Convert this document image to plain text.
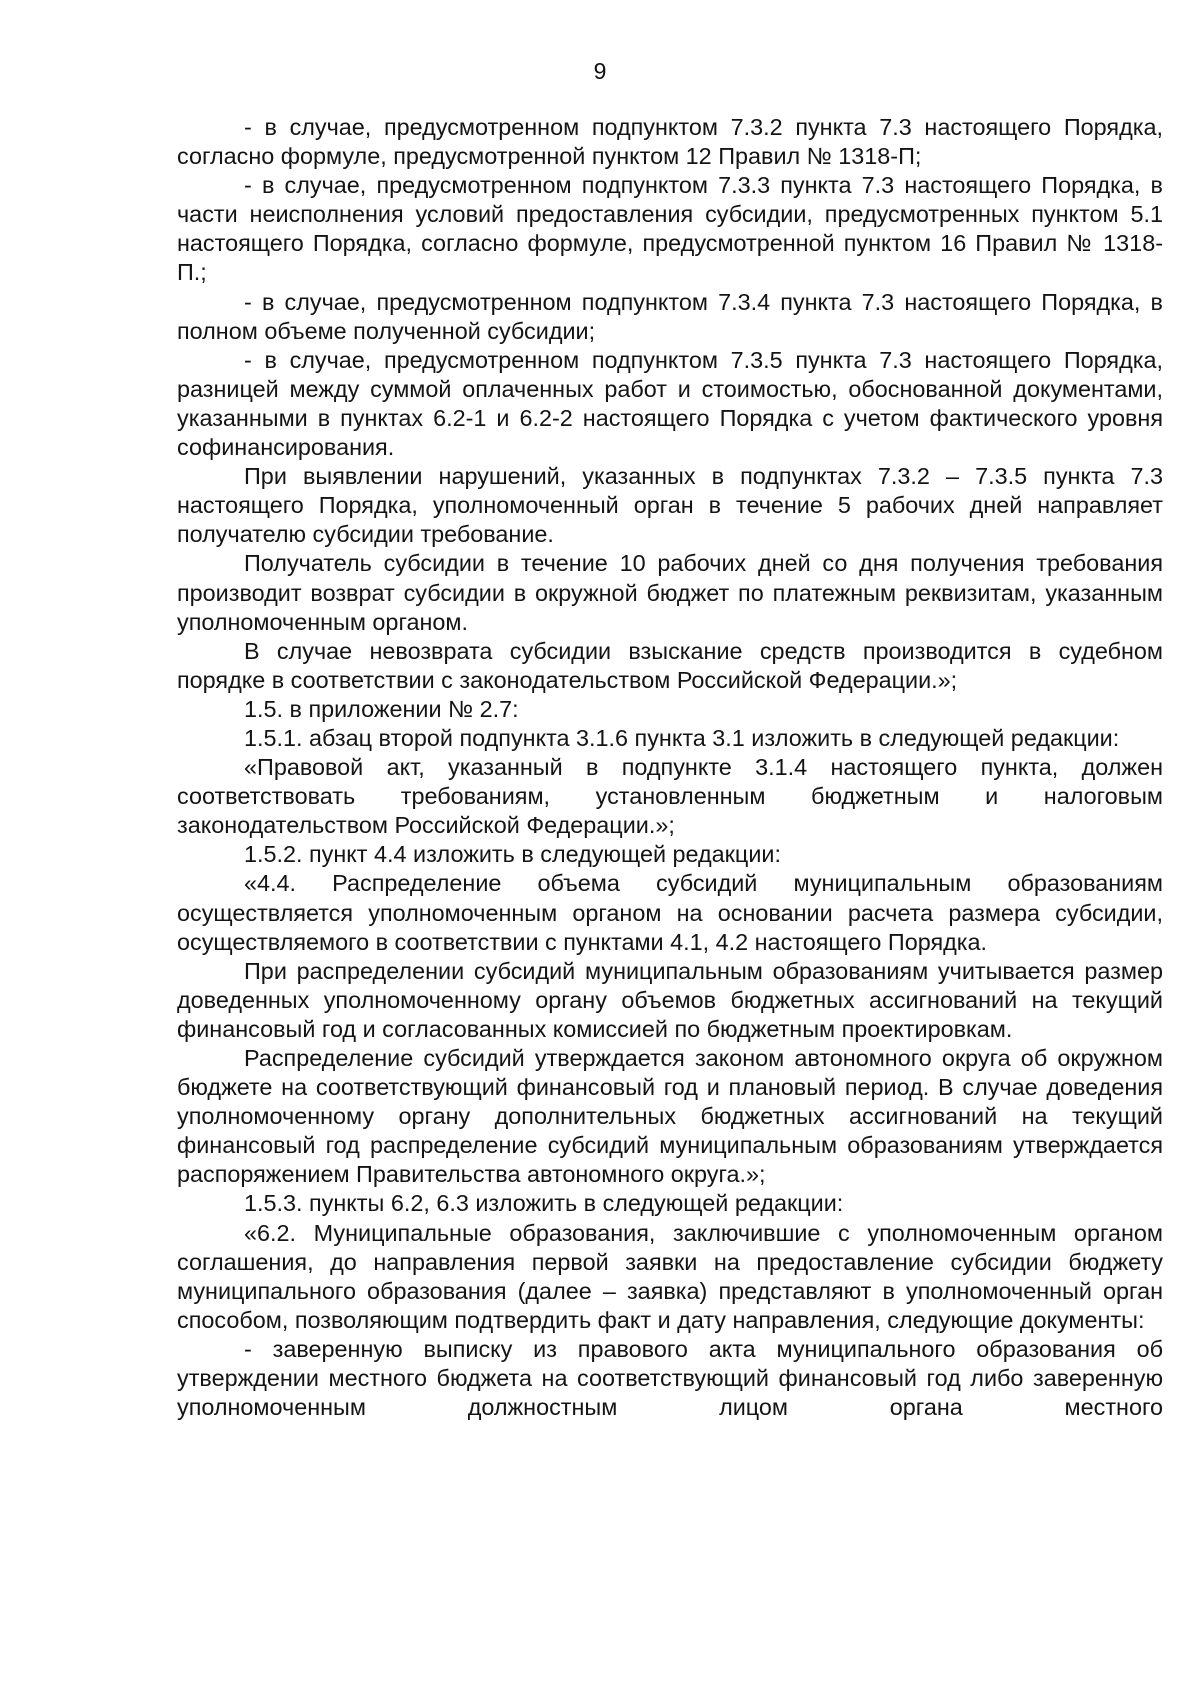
9

- в случае, предусмотренном подпунктом 7.3.2 пункта 7.3 настоящего Порядка, согласно формуле, предусмотренной пунктом 12 Правил № 1318-П;

- в случае, предусмотренном подпунктом 7.3.3 пункта 7.3 настоящего Порядка, в части неисполнения условий предоставления субсидии, предусмотренных пунктом 5.1 настоящего Порядка, согласно формуле, предусмотренной пунктом 16 Правил № 1318-П.;

- в случае, предусмотренном подпунктом 7.3.4 пункта 7.3 настоящего Порядка, в полном объеме полученной субсидии;

- в случае, предусмотренном подпунктом 7.3.5 пункта 7.3 настоящего Порядка, разницей между суммой оплаченных работ и стоимостью, обоснованной документами, указанными в пунктах 6.2-1 и 6.2-2 настоящего Порядка с учетом фактического уровня софинансирования.

При выявлении нарушений, указанных в подпунктах 7.3.2 – 7.3.5 пункта 7.3 настоящего Порядка, уполномоченный орган в течение 5 рабочих дней направляет получателю субсидии требование.

Получатель субсидии в течение 10 рабочих дней со дня получения требования производит возврат субсидии в окружной бюджет по платежным реквизитам, указанным уполномоченным органом.

В случае невозврата субсидии взыскание средств производится в судебном порядке в соответствии с законодательством Российской Федерации.»;

1.5. в приложении № 2.7:

1.5.1. абзац второй подпункта 3.1.6 пункта 3.1 изложить в следующей редакции:

«Правовой акт, указанный в подпункте 3.1.4 настоящего пункта, должен соответствовать требованиям, установленным бюджетным и налоговым законодательством Российской Федерации.»;

1.5.2. пункт 4.4 изложить в следующей редакции:

«4.4. Распределение объема субсидий муниципальным образованиям осуществляется уполномоченным органом на основании расчета размера субсидии, осуществляемого в соответствии с пунктами 4.1, 4.2 настоящего Порядка.

При распределении субсидий муниципальным образованиям учитывается размер доведенных уполномоченному органу объемов бюджетных ассигнований на текущий финансовый год и согласованных комиссией по бюджетным проектировкам.

Распределение субсидий утверждается законом автономного округа об окружном бюджете на соответствующий финансовый год и плановый период. В случае доведения уполномоченному органу дополнительных бюджетных ассигнований на текущий финансовый год распределение субсидий муниципальным образованиям утверждается распоряжением Правительства автономного округа.»;

1.5.3. пункты 6.2, 6.3 изложить в следующей редакции:

«6.2. Муниципальные образования, заключившие с уполномоченным органом соглашения, до направления первой заявки на предоставление субсидии бюджету муниципального образования (далее – заявка) представляют в уполномоченный орган способом, позволяющим подтвердить факт и дату направления, следующие документы:

- заверенную выписку из правового акта муниципального образования об утверждении местного бюджета на соответствующий финансовый год либо заверенную уполномоченным должностным лицом органа местного
